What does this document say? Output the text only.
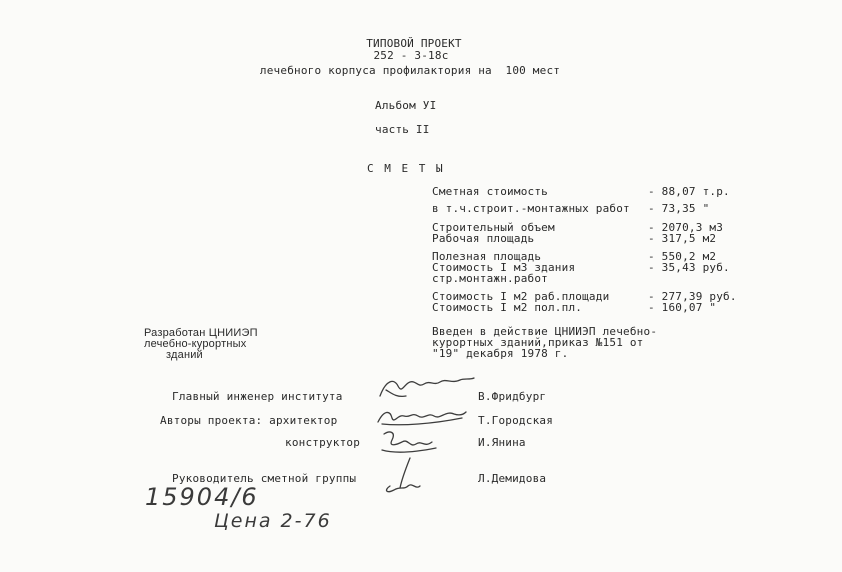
ТИПОВОЙ ПРОЕКТ
252 - 3-18с
лечебного корпуса профилактория на  100 мест
Альбом УI
часть II
С М Е Т Ы
Сметная стоимость	- 88,07 т.р.
в т.ч.строит.-монтажных работ - 73,35 "
Строительный объем	- 2070,3 м3
Рабочая площадь	- 317,5 м2
Полезная площадь	- 550,2 м2
Стоимость I м3 здания	- 35,43 руб.
стр.монтажн.работ
Стоимость I м2 раб.площади	- 277,39 руб.
Стоимость I м2 пол.пл.	- 160,07 "
Разработан ЦНИИЭП
лечебно-курортных
зданий
Введен в действие ЦНИИЭП лечебно-
курортных зданий,приказ №151 от
"19" декабря 1978 г.
Главный инженер института	В.Фридбург
Авторы проекта: архитектор	Т.Городская
конструктор	И.Янина
Руководитель сметной группы	Л.Демидова
15904/6
Цена 2-76
